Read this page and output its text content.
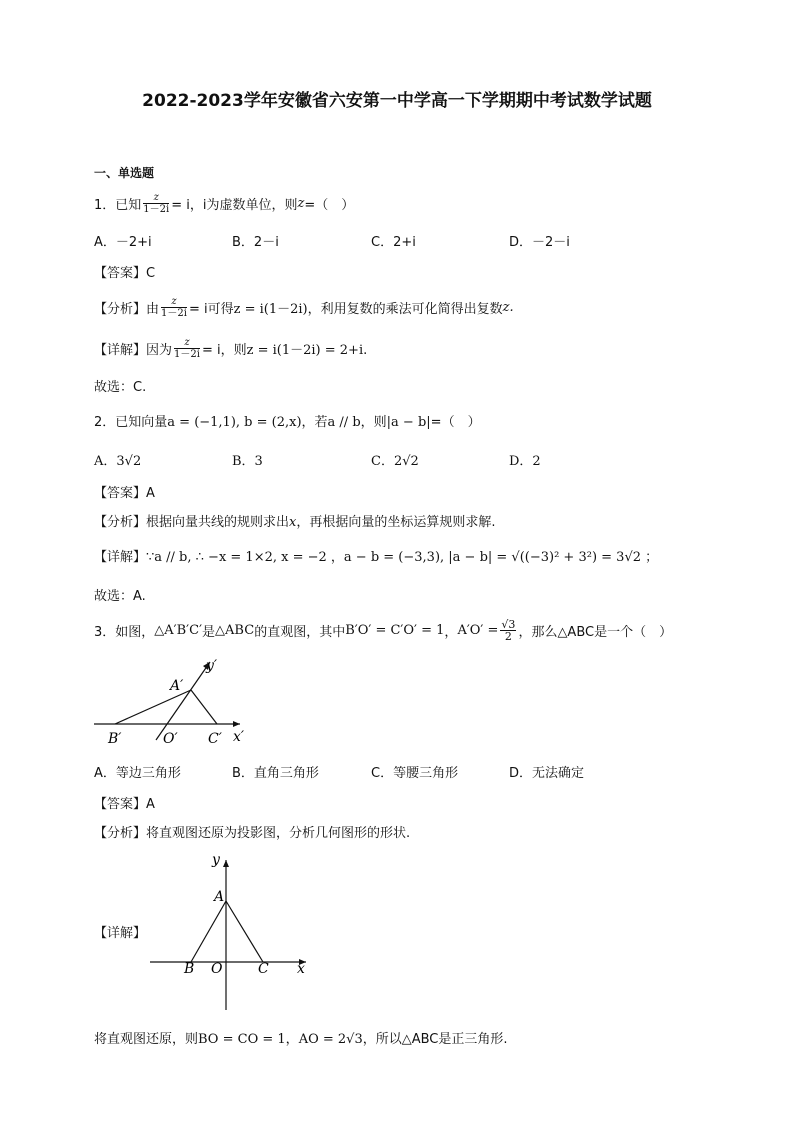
2022-2023学年安徽省六安第一中学高一下学期期中考试数学试题
一、单选题
1．已知 $\frac{z}{1-2i} = i$，i为虚数单位，则 z =（　）
A．－2+i	B．2－i	C．2+i	D．－2－i
【答案】C
【分析】 由 $\frac{z}{1-2i} = i$可得 z = i(1－2i) ，利用复数的乘法可化简得出复数 z.
【详解】 因为 $\frac{z}{1-2i} = i$，则 z = i(1－2i) = 2+i.
故选：C.
2．已知向量a = (−1,1), b = (2,x)，若a // b，则|a − b|=（　）
A．3√2	B．3	C．2√2	D．2
【答案】A
【分析】根据向量共线的规则求出x，再根据向量的坐标运算规则求解.
【详解】∵a // b, ∴ −x = 1×2, x = −2 ，a − b = (−3,3), |a − b| = √((−3)² + 3²) = 3√2 ；
故选：A.
3．如图， △A′B′C′ 是 △ABC 的直观图，其中 B′O′ = C′O′ = 1 ， $A'O' = \frac{√3}{2}$ ，那么△ABC是一个（　）
A′
B′	O′ C′ x′
y′
A．等边三角形	B．直角三角形	C．等腰三角形	D．无法确定
【答案】A
【分析】将直观图还原为投影图，分析几何图形的形状.
【详解】
A
B O	C x
y
将直观图还原，则BO = CO = 1，AO = 2√3，所以△ABC是正三角形.
